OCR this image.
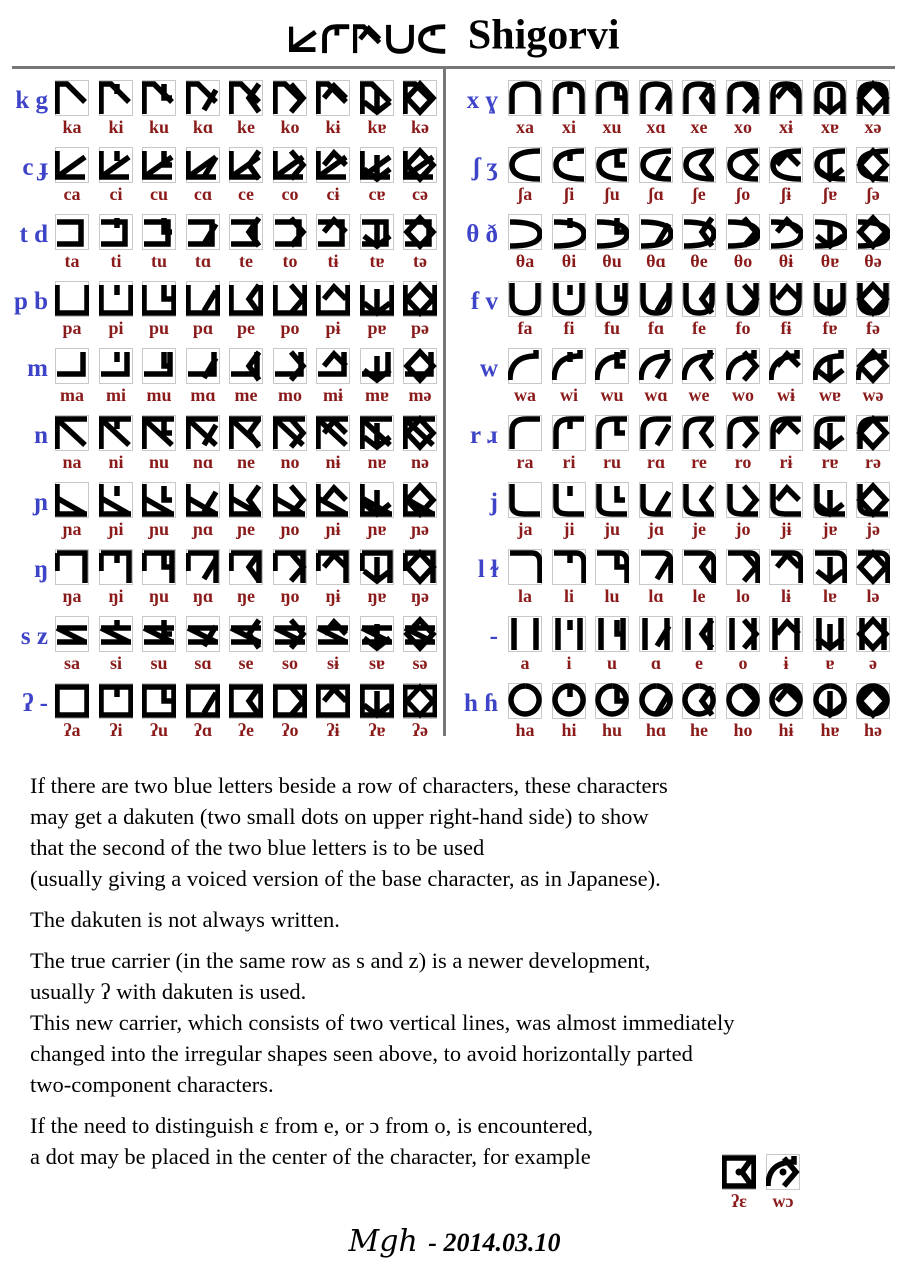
Shigorvi
k g
ka	ki	ku	kɑ	ke	ko	kɨ	kɐ	kə
c ɟ
ca	ci	cu	cɑ	ce	co	cɨ	cɐ	cə
t d
ta	ti	tu	tɑ	te	to	tɨ	tɐ	tə
p b
pa	pi	pu	pɑ	pe	po	pɨ	pɐ	pə
m
ma	mi	mu	mɑ	me	mo	mɨ	mɐ	mə
n
na	ni	nu	nɑ	ne	no	nɨ	nɐ	nə
ɲ
ɲa	ɲi	ɲu	ɲɑ	ɲe	ɲo	ɲɨ	ɲɐ	ɲə
ŋ
ŋa	ŋi	ŋu	ŋɑ	ŋe	ŋo	ŋɨ	ŋɐ	ŋə
s z
sa	si	su	sɑ	se	so	sɨ	sɐ	sə
ʔ -
ʔa	ʔi	ʔu	ʔɑ	ʔe	ʔo	ʔɨ	ʔɐ	ʔə
x ɣ
xa	xi	xu	xɑ	xe	xo	xɨ	xɐ	xə
ʃ ʒ
ʃa	ʃi	ʃu	ʃɑ	ʃe	ʃo	ʃɨ	ʃɐ	ʃə
θ ð
θa	θi	θu	θɑ	θe	θo	θɨ	θɐ	θə
f v
fa	fi	fu	fɑ	fe	fo	fɨ	fɐ	fə
w
wa	wi	wu	wɑ	we	wo	wɨ	wɐ	wə
r ɹ
ra	ri	ru	rɑ	re	ro	rɨ	rɐ	rə
j
ja	ji	ju	jɑ	je	jo	jɨ	jɐ	jə
l ɫ
la	li	lu	lɑ	le	lo	lɨ	lɐ	lə
-
a	i	u	ɑ	e	o	ɨ	ɐ	ə
h ɦ
ha	hi	hu	hɑ	he	ho	hɨ	hɐ	hə

If there are two blue letters beside a row of characters, these characters
may get a dakuten (two small dots on upper right-hand side) to show
that the second of the two blue letters is to be used
(usually giving a voiced version of the base character, as in Japanese).

The dakuten is not always written.

The true carrier (in the same row as s and z) is a newer development,
usually ʔ with dakuten is used.
This new carrier, which consists of two vertical lines, was almost immediately
changed into the irregular shapes seen above, to avoid horizontally parted
two-component characters.

If the need to distinguish ɛ from e, or ɔ from o, is encountered,
a dot may be placed in the center of the character, for example

ʔɛ	wɔ
Mgh - 2014.03.10
